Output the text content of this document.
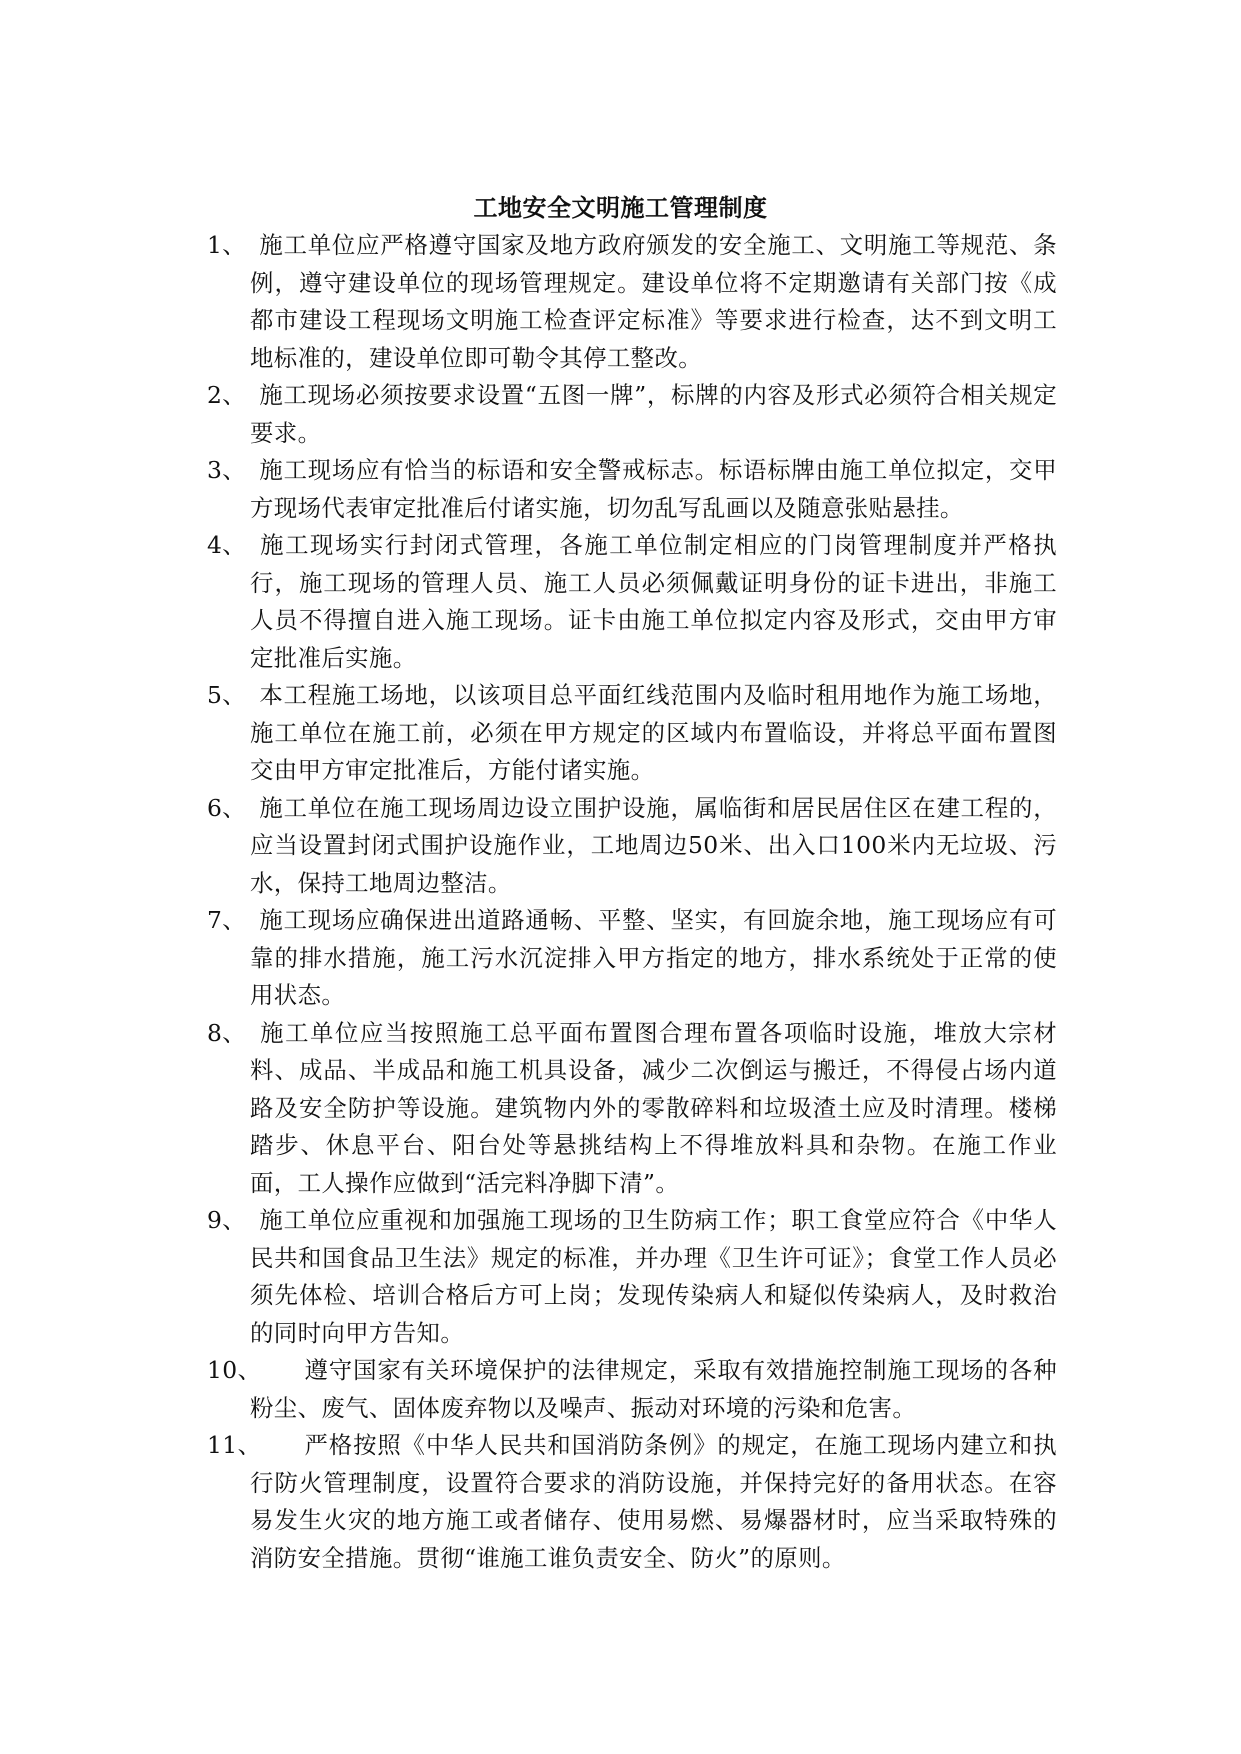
工地安全文明施工管理制度
1、 施工单位应严格遵守国家及地方政府颁发的安全施工、文明施工等规范、条例，遵守建设单位的现场管理规定。建设单位将不定期邀请有关部门按《成都市建设工程现场文明施工检查评定标准》等要求进行检查，达不到文明工地标准的，建设单位即可勒令其停工整改。
2、 施工现场必须按要求设置“五图一牌”，标牌的内容及形式必须符合相关规定要求。
3、 施工现场应有恰当的标语和安全警戒标志。标语标牌由施工单位拟定，交甲方现场代表审定批准后付诸实施，切勿乱写乱画以及随意张贴悬挂。
4、 施工现场实行封闭式管理，各施工单位制定相应的门岗管理制度并严格执行，施工现场的管理人员、施工人员必须佩戴证明身份的证卡进出，非施工人员不得擅自进入施工现场。证卡由施工单位拟定内容及形式，交由甲方审定批准后实施。
5、 本工程施工场地，以该项目总平面红线范围内及临时租用地作为施工场地，施工单位在施工前，必须在甲方规定的区域内布置临设，并将总平面布置图交由甲方审定批准后，方能付诸实施。
6、 施工单位在施工现场周边设立围护设施，属临街和居民居住区在建工程的，应当设置封闭式围护设施作业，工地周边50米、出入口100米内无垃圾、污水，保持工地周边整洁。
7、 施工现场应确保进出道路通畅、平整、坚实，有回旋余地，施工现场应有可靠的排水措施，施工污水沉淀排入甲方指定的地方，排水系统处于正常的使用状态。
8、 施工单位应当按照施工总平面布置图合理布置各项临时设施，堆放大宗材料、成品、半成品和施工机具设备，减少二次倒运与搬迁，不得侵占场内道路及安全防护等设施。建筑物内外的零散碎料和垃圾渣土应及时清理。楼梯踏步、休息平台、阳台处等悬挑结构上不得堆放料具和杂物。在施工作业面，工人操作应做到“活完料净脚下清”。
9、 施工单位应重视和加强施工现场的卫生防病工作；职工食堂应符合《中华人民共和国食品卫生法》规定的标准，并办理《卫生许可证》；食堂工作人员必须先体检、培训合格后方可上岗；发现传染病人和疑似传染病人，及时救治的同时向甲方告知。
10、	遵守国家有关环境保护的法律规定，采取有效措施控制施工现场的各种粉尘、废气、固体废弃物以及噪声、振动对环境的污染和危害。
11、	严格按照《中华人民共和国消防条例》的规定，在施工现场内建立和执行防火管理制度，设置符合要求的消防设施，并保持完好的备用状态。在容易发生火灾的地方施工或者储存、使用易燃、易爆器材时，应当采取特殊的消防安全措施。贯彻“谁施工谁负责安全、防火”的原则。
